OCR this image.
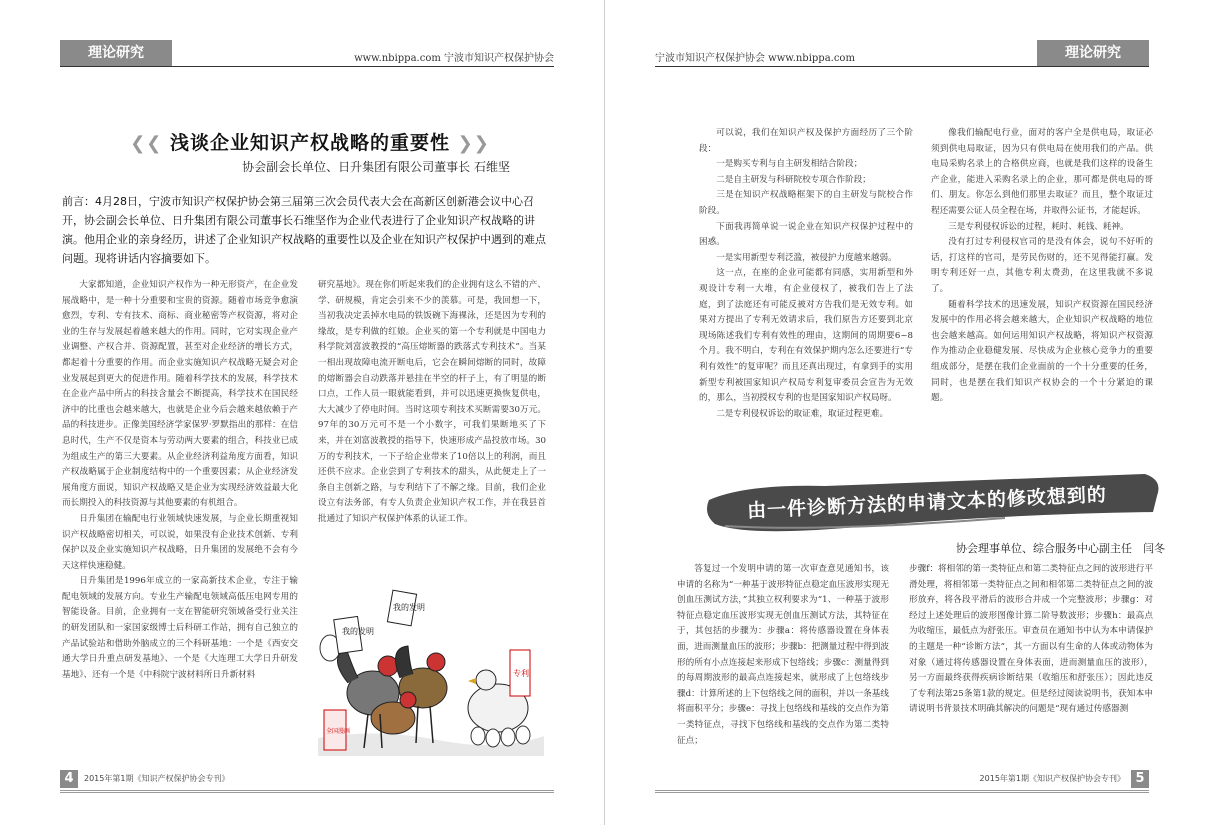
理论研究	www.nbippa.com 宁波市知识产权保护协会
❮❮ 浅谈企业知识产权战略的重要性 ❯❯
协会副会长单位、日升集团有限公司董事长 石维坚
前言：4月28日，宁波市知识产权保护协会第三届第三次会员代表大会在高新区创新港会议中心召开，协会副会长单位、日升集团有限公司董事长石维坚作为企业代表进行了企业知识产权战略的讲演。他用企业的亲身经历，讲述了企业知识产权战略的重要性以及企业在知识产权保护中遇到的难点问题。现将讲话内容摘要如下。

大家都知道，企业知识产权作为一种无形资产，在企业发展战略中，是一种十分重要和宝贵的资源。随着市场竞争愈演愈烈，专利、专有技术、商标、商业秘密等产权资源，将对企业的生存与发展起着越来越大的作用。同时，它对实现企业产业调整、产权合并、资源配置，甚至对企业经济的增长方式，都起着十分重要的作用。而企业实施知识产权战略无疑会对企业发展起到更大的促进作用。随着科学技术的发展，科学技术在企业产品中所占的科技含量会不断提高，科学技术在国民经济中的比重也会越来越大，也就是企业今后会越来越依赖于产品的科技进步。正像美国经济学家保罗·罗默指出的那样：在信息时代，生产不仅是资本与劳动两大要素的组合，科技业已成为组成生产的第三大要素。从企业经济利益角度方面看，知识产权战略属于企业制度结构中的一个重要因素；从企业经济发展角度方面说，知识产权战略又是企业为实现经济效益最大化而长期投入的科技资源与其他要素的有机组合。

日升集团在输配电行业领域快速发展，与企业长期重视知识产权战略密切相关，可以说，如果没有企业技术创新、专利保护以及企业实施知识产权战略，日升集团的发展绝不会有今天这样快速稳健。

日升集团是1996年成立的一家高新技术企业，专注于输配电领域的发展方向。专业生产输配电领域高低压电网专用的智能设备。目前，企业拥有一支在智能研究领域备受行业关注的研发团队和一家国家级博士后科研工作站，拥有自己独立的产品试验站和借助外脑成立的三个科研基地：一个是《西安交通大学日升重点研发基地》、一个是《大连理工大学日升研发基地》、还有一个是《中科院宁波材料所日升新材料

研究基地》。现在你们听起来我们的企业拥有这么不错的产、学、研规模，肯定会引来不少的羡慕。可是，我回想一下，当初我决定丢掉水电局的铁饭碗下海裸泳，还是因为专利的缘故，是专利做的红娘。企业买的第一个专利就是中国电力科学院刘富波教授的“高压熔断器的跌落式专利技术”。当某一相出现故障电流开断电后，它会在瞬间熔断的同时，故障的熔断器会自动跌落并悬挂在半空的杆子上，有了明显的断口点，工作人员一眼就能看到，并可以迅速更换恢复供电，大大减少了停电时间。当时这项专利技术买断需要30万元。97年的30万元可不是一个小数字，可我们果断地买了下来，并在刘富波教授的指导下，快速形成产品投放市场。30万的专利技术，一下子给企业带来了10倍以上的利润，而且还供不应求。企业尝到了专利技术的甜头，从此便走上了一条自主创新之路，与专利结下了不解之缘。目前，我们企业设立有法务部，有专人负责企业知识产权工作，并在我县首批通过了知识产权保护体系的认证工作。

我的发明
我的发明
专利
全国漫画
4	2015年第1期《知识产权保护协会专刊》
宁波市知识产权保护协会 www.nbippa.com	理论研究

可以说，我们在知识产权及保护方面经历了三个阶段：

一是购买专利与自主研发相结合阶段；

二是自主研发与科研院校专项合作阶段；

三是在知识产权战略框架下的自主研发与院校合作阶段。

下面我再简单说一说企业在知识产权保护过程中的困惑。

一是实用新型专利泛滥，被侵护力度越来越弱。

这一点，在座的企业可能都有同感，实用新型和外观设计专利一大堆，有企业侵权了，被我们告上了法庭，到了法庭还有可能反被对方告我们是无效专利。如果对方提出了专利无效请求后，我们原告方还要到北京现场陈述我们专利有效性的理由，这期间的周期要6~8个月。我不明白，专利在有效保护期内怎么还要进行“专利有效性”的复审呢？而且还真出现过，有拿到手的实用新型专利被国家知识产权局专利复审委员会宣告为无效的，那么，当初授权专利的也是国家知识产权局呀。

二是专利侵权诉讼的取证难，取证过程更难。

像我们输配电行业，面对的客户全是供电局，取证必须到供电局取证，因为只有供电局在使用我们的产品。供电局采购名录上的合格供应商，也就是我们这样的设备生产企业，能进入采购名录上的企业，那可都是供电局的哥们、朋友。你怎么到他们那里去取证？而且，整个取证过程还需要公证人员全程在场，并取得公证书，才能起诉。

三是专利侵权诉讼的过程，耗时、耗钱、耗神。

没有打过专利侵权官司的是没有体会，说句不好听的话，打这样的官司，是劳民伤财的，还不见得能打赢。发明专利还好一点，其他专利太费劲，在这里我就不多说了。

随着科学技术的迅速发展，知识产权资源在国民经济发展中的作用必将会越来越大，企业知识产权战略的地位也会越来越高。如何运用知识产权战略，将知识产权资源作为推动企业稳健发展、尽快成为企业核心竞争力的重要组成部分，是摆在我们企业面前的一个十分重要的任务，同时，也是摆在我们知识产权协会的一个十分紧迫的课题。

由一件诊断方法的申请文本的修改想到的
协会理事单位、综合服务中心副主任　闫冬

答复过一个发明申请的第一次审查意见通知书，该申请的名称为“一种基于波形特征点稳定血压波形实现无创血压测试方法，”其独立权利要求为“1、一种基于波形特征点稳定血压波形实现无创血压测试方法，其特征在于，其包括的步骤为：步骤a：将传感器设置在身体表面，进而测量血压的波形；步骤b：把测量过程中得到波形的所有小点连接起来形成下包络线；步骤c：测量得到的每周期波形的最高点连接起来，就形成了上包络线步骤d：计算所述的上下包络线之间的面积，并以一条基线将面积平分；步骤e：寻找上包络线和基线的交点作为第一类特征点，寻找下包络线和基线的交点作为第二类特征点；

步骤f：将相邻的第一类特征点和第二类特征点之间的波形进行平滑处理，将相邻第一类特征点之间和相邻第二类特征点之间的波形放弃，将各段平滑后的波形合并成一个完整波形；步骤g：对经过上述处理后的波形图像计算二阶导数波形；步骤h：最高点为收缩压，最低点为舒张压。审查员在通知书中认为本申请保护的主题是一种“诊断方法”，其一方面以有生命的人体或动物体为对象（通过将传感器设置在身体表面，进而测量血压的波形），另一方面最终获得疾病诊断结果（收缩压和舒张压）；因此违反了专利法第25条第1款的规定。但是经过阅读说明书，获知本申请说明书背景技术明确其解决的问题是“现有通过传感器测

2015年第1期《知识产权保护协会专刊》 5
